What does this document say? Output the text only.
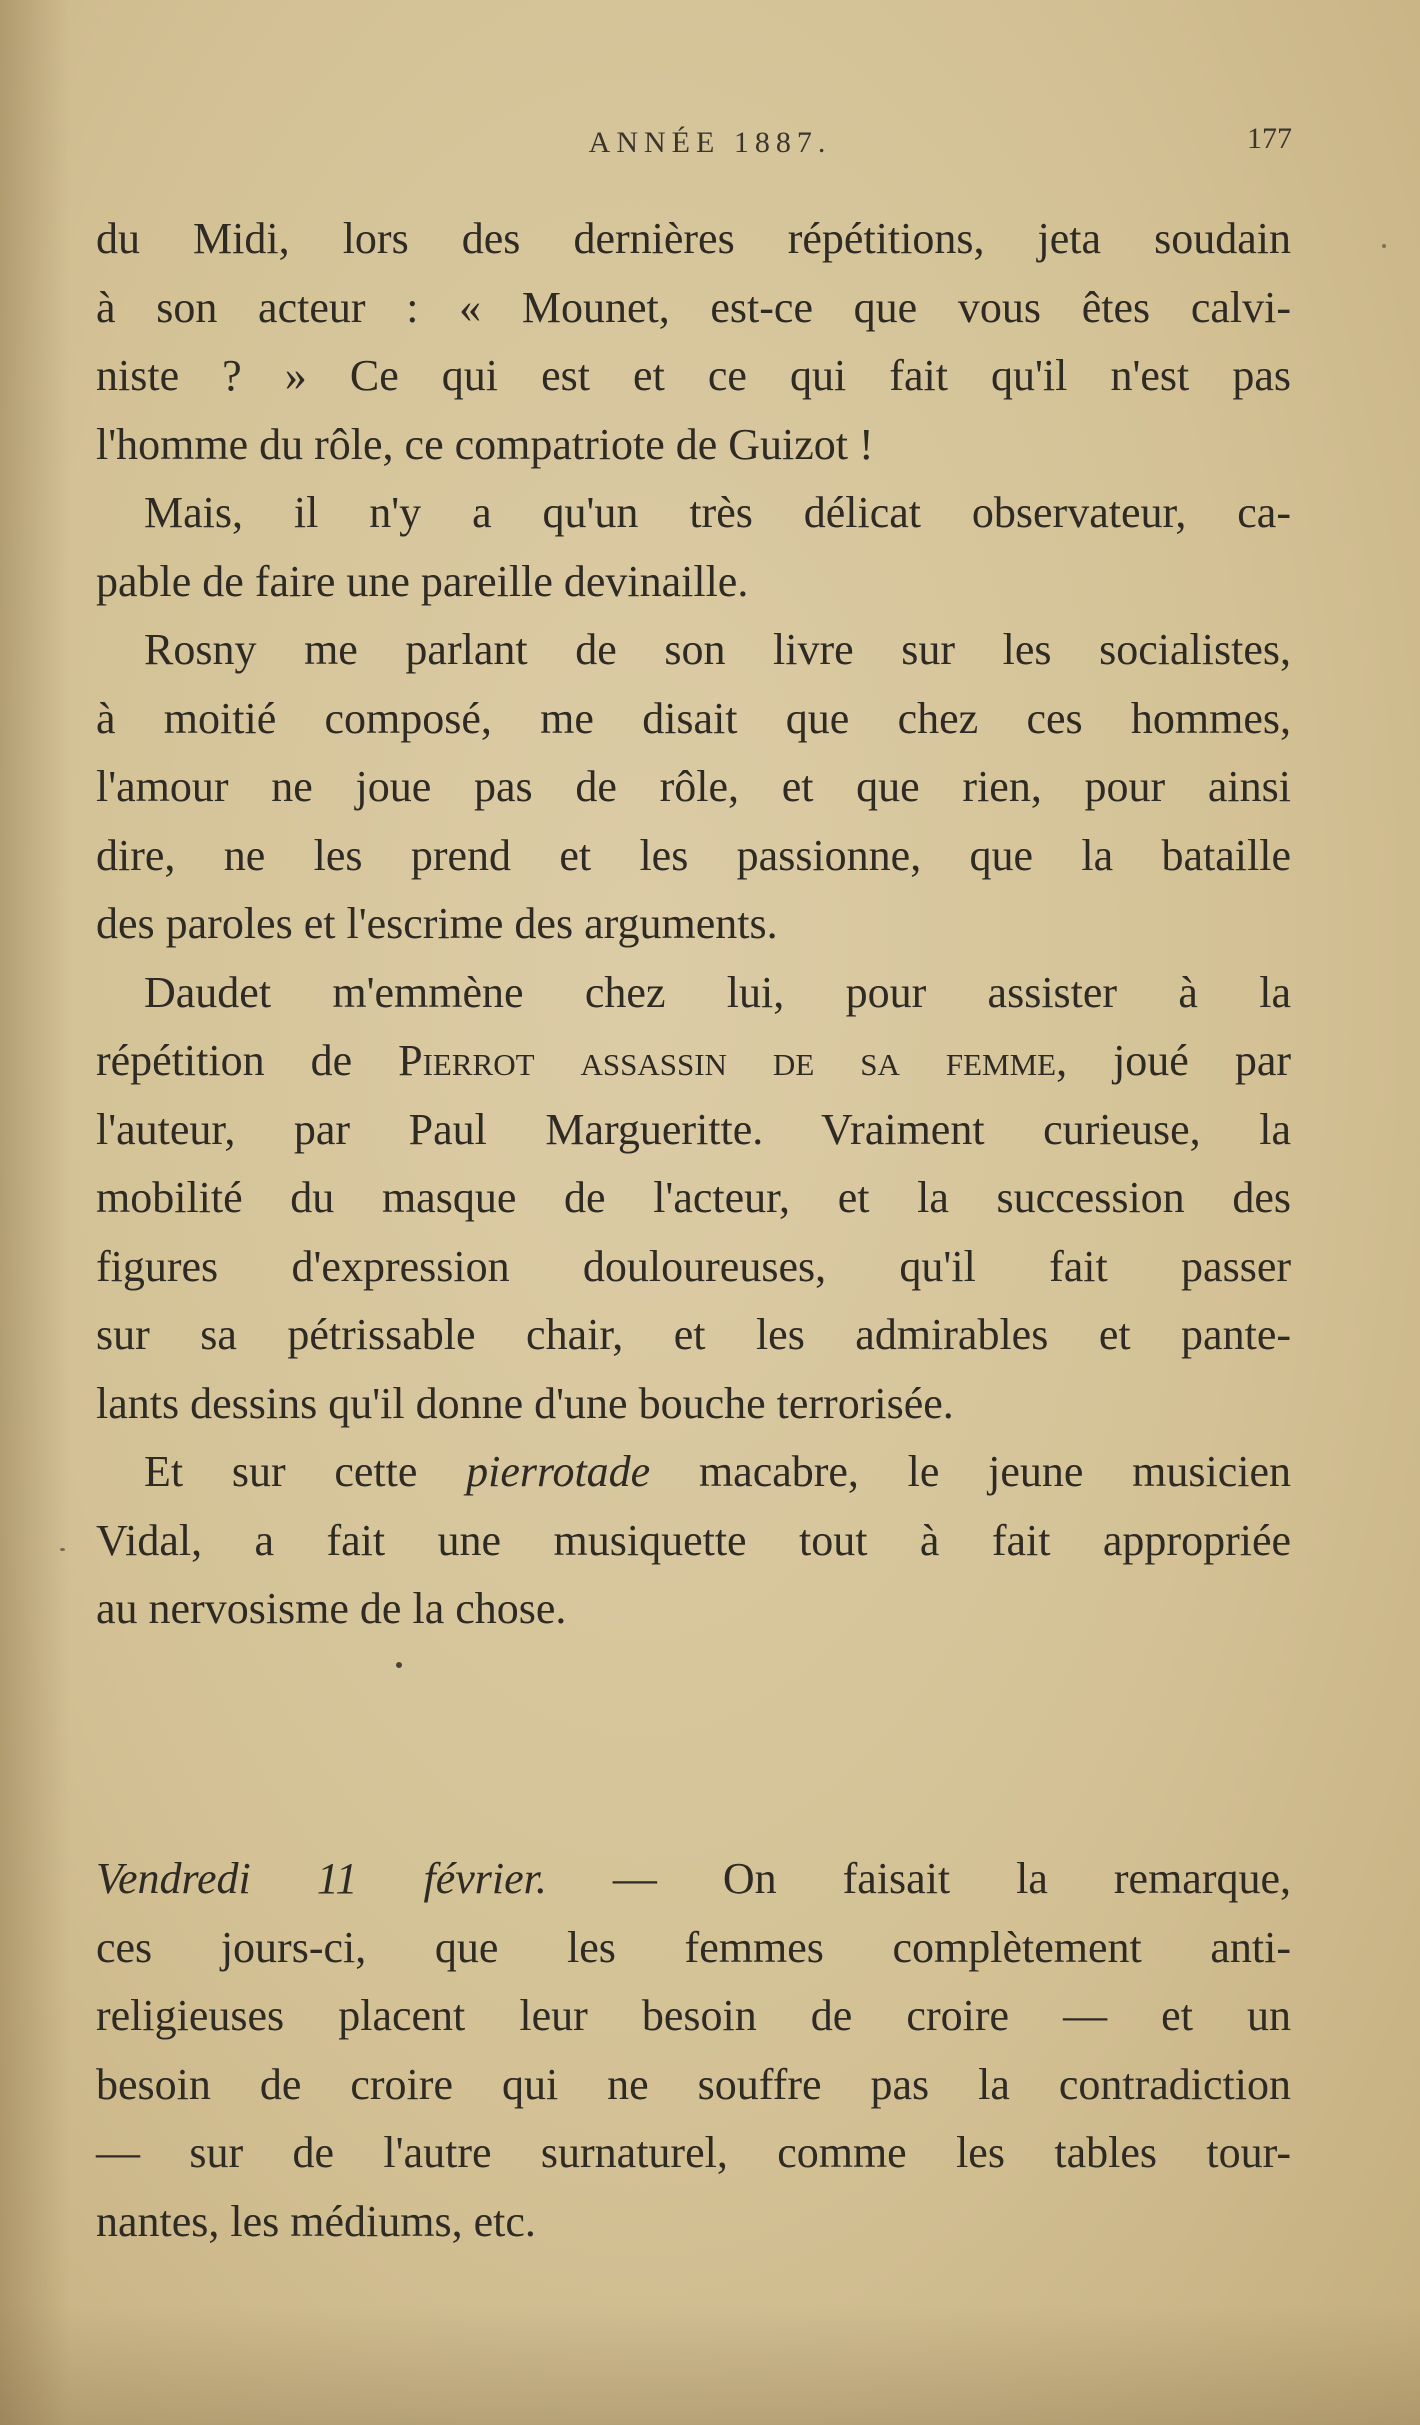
ANNÉE 1887.	177

du Midi, lors des dernières répétitions, jeta soudain
à son acteur : « Mounet, est-ce que vous êtes calvi-
niste ? » Ce qui est et ce qui fait qu'il n'est pas
l'homme du rôle, ce compatriote de Guizot !

Mais, il n'y a qu'un très délicat observateur, ca-
pable de faire une pareille devinaille.

Rosny me parlant de son livre sur les socialistes,
à moitié composé, me disait que chez ces hommes,
l'amour ne joue pas de rôle, et que rien, pour ainsi
dire, ne les prend et les passionne, que la bataille
des paroles et l'escrime des arguments.

Daudet m'emmène chez lui, pour assister à la
répétition de Pierrot assassin de sa femme, joué par
l'auteur, par Paul Margueritte. Vraiment curieuse, la
mobilité du masque de l'acteur, et la succession des
figures d'expression douloureuses, qu'il fait passer
sur sa pétrissable chair, et les admirables et pante-
lants dessins qu'il donne d'une bouche terrorisée.

Et sur cette pierrotade macabre, le jeune musicien
Vidal, a fait une musiquette tout à fait appropriée
au nervosisme de la chose.

Vendredi 11 février. — On faisait la remarque,
ces jours-ci, que les femmes complètement anti-
religieuses placent leur besoin de croire — et un
besoin de croire qui ne souffre pas la contradiction
— sur de l'autre surnaturel, comme les tables tour-
nantes, les médiums, etc.
